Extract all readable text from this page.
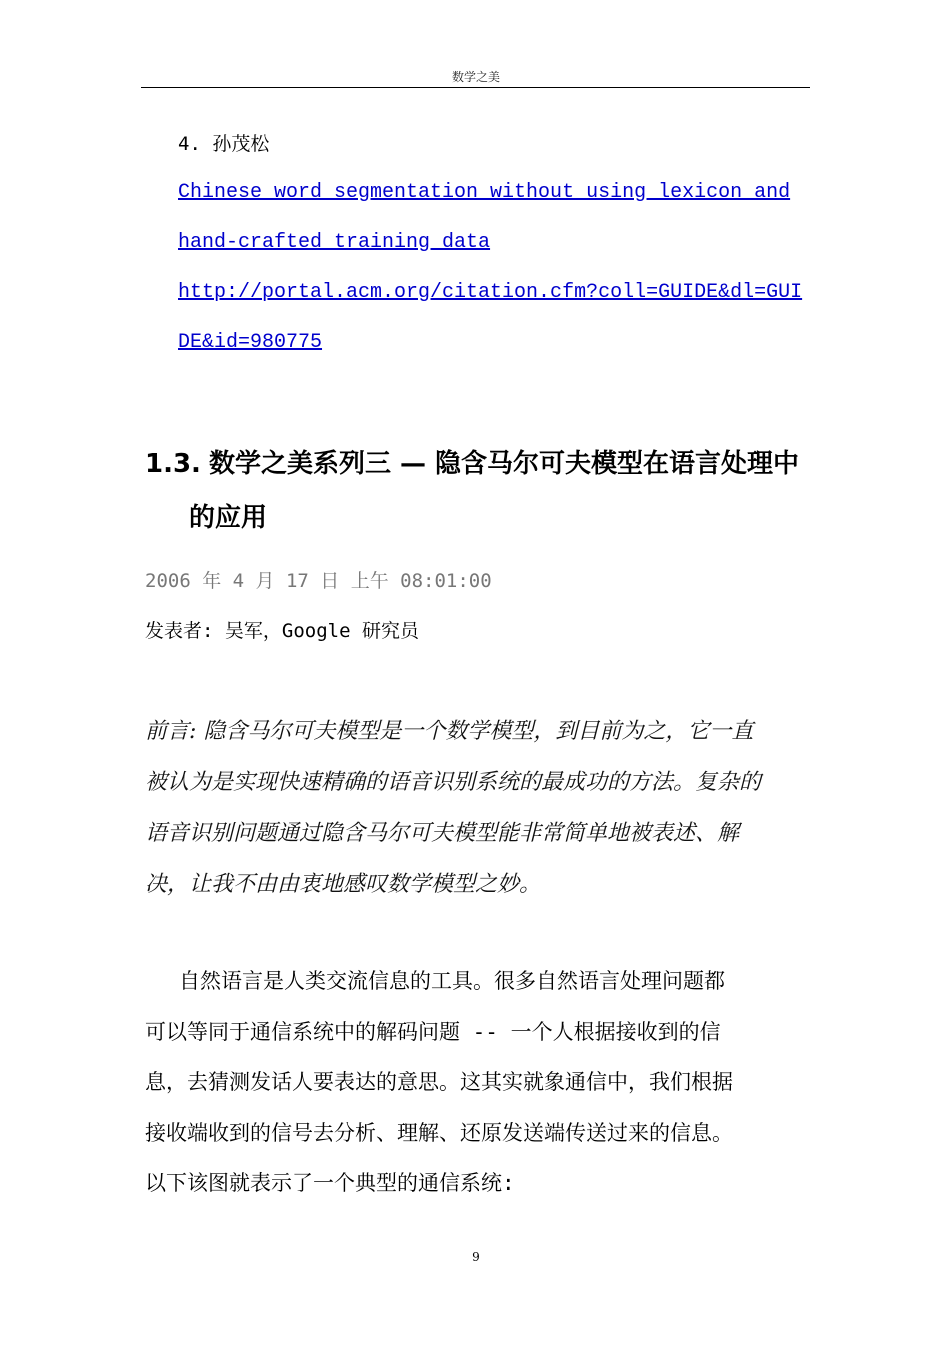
数学之美
4. 孙茂松
Chinese word segmentation without using lexicon and
hand-crafted training data
http://portal.acm.org/citation.cfm?coll=GUIDE&dl=GUI
DE&id=980775
1.3. 数学之美系列三 — 隐含马尔可夫模型在语言处理中
的应用
2006 年 4 月 17 日 上午 08:01:00
发表者: 吴军，Google 研究员

前言: 隐含马尔可夫模型是一个数学模型，到目前为之，它一直
被认为是实现快速精确的语音识别系统的最成功的方法。复杂的
语音识别问题通过隐含马尔可夫模型能非常简单地被表述、解
决，让我不由由衷地感叹数学模型之妙。

自然语言是人类交流信息的工具。很多自然语言处理问题都
可以等同于通信系统中的解码问题 -- 一个人根据接收到的信
息，去猜测发话人要表达的意思。这其实就象通信中，我们根据
接收端收到的信号去分析、理解、还原发送端传送过来的信息。
以下该图就表示了一个典型的通信系统:

9
